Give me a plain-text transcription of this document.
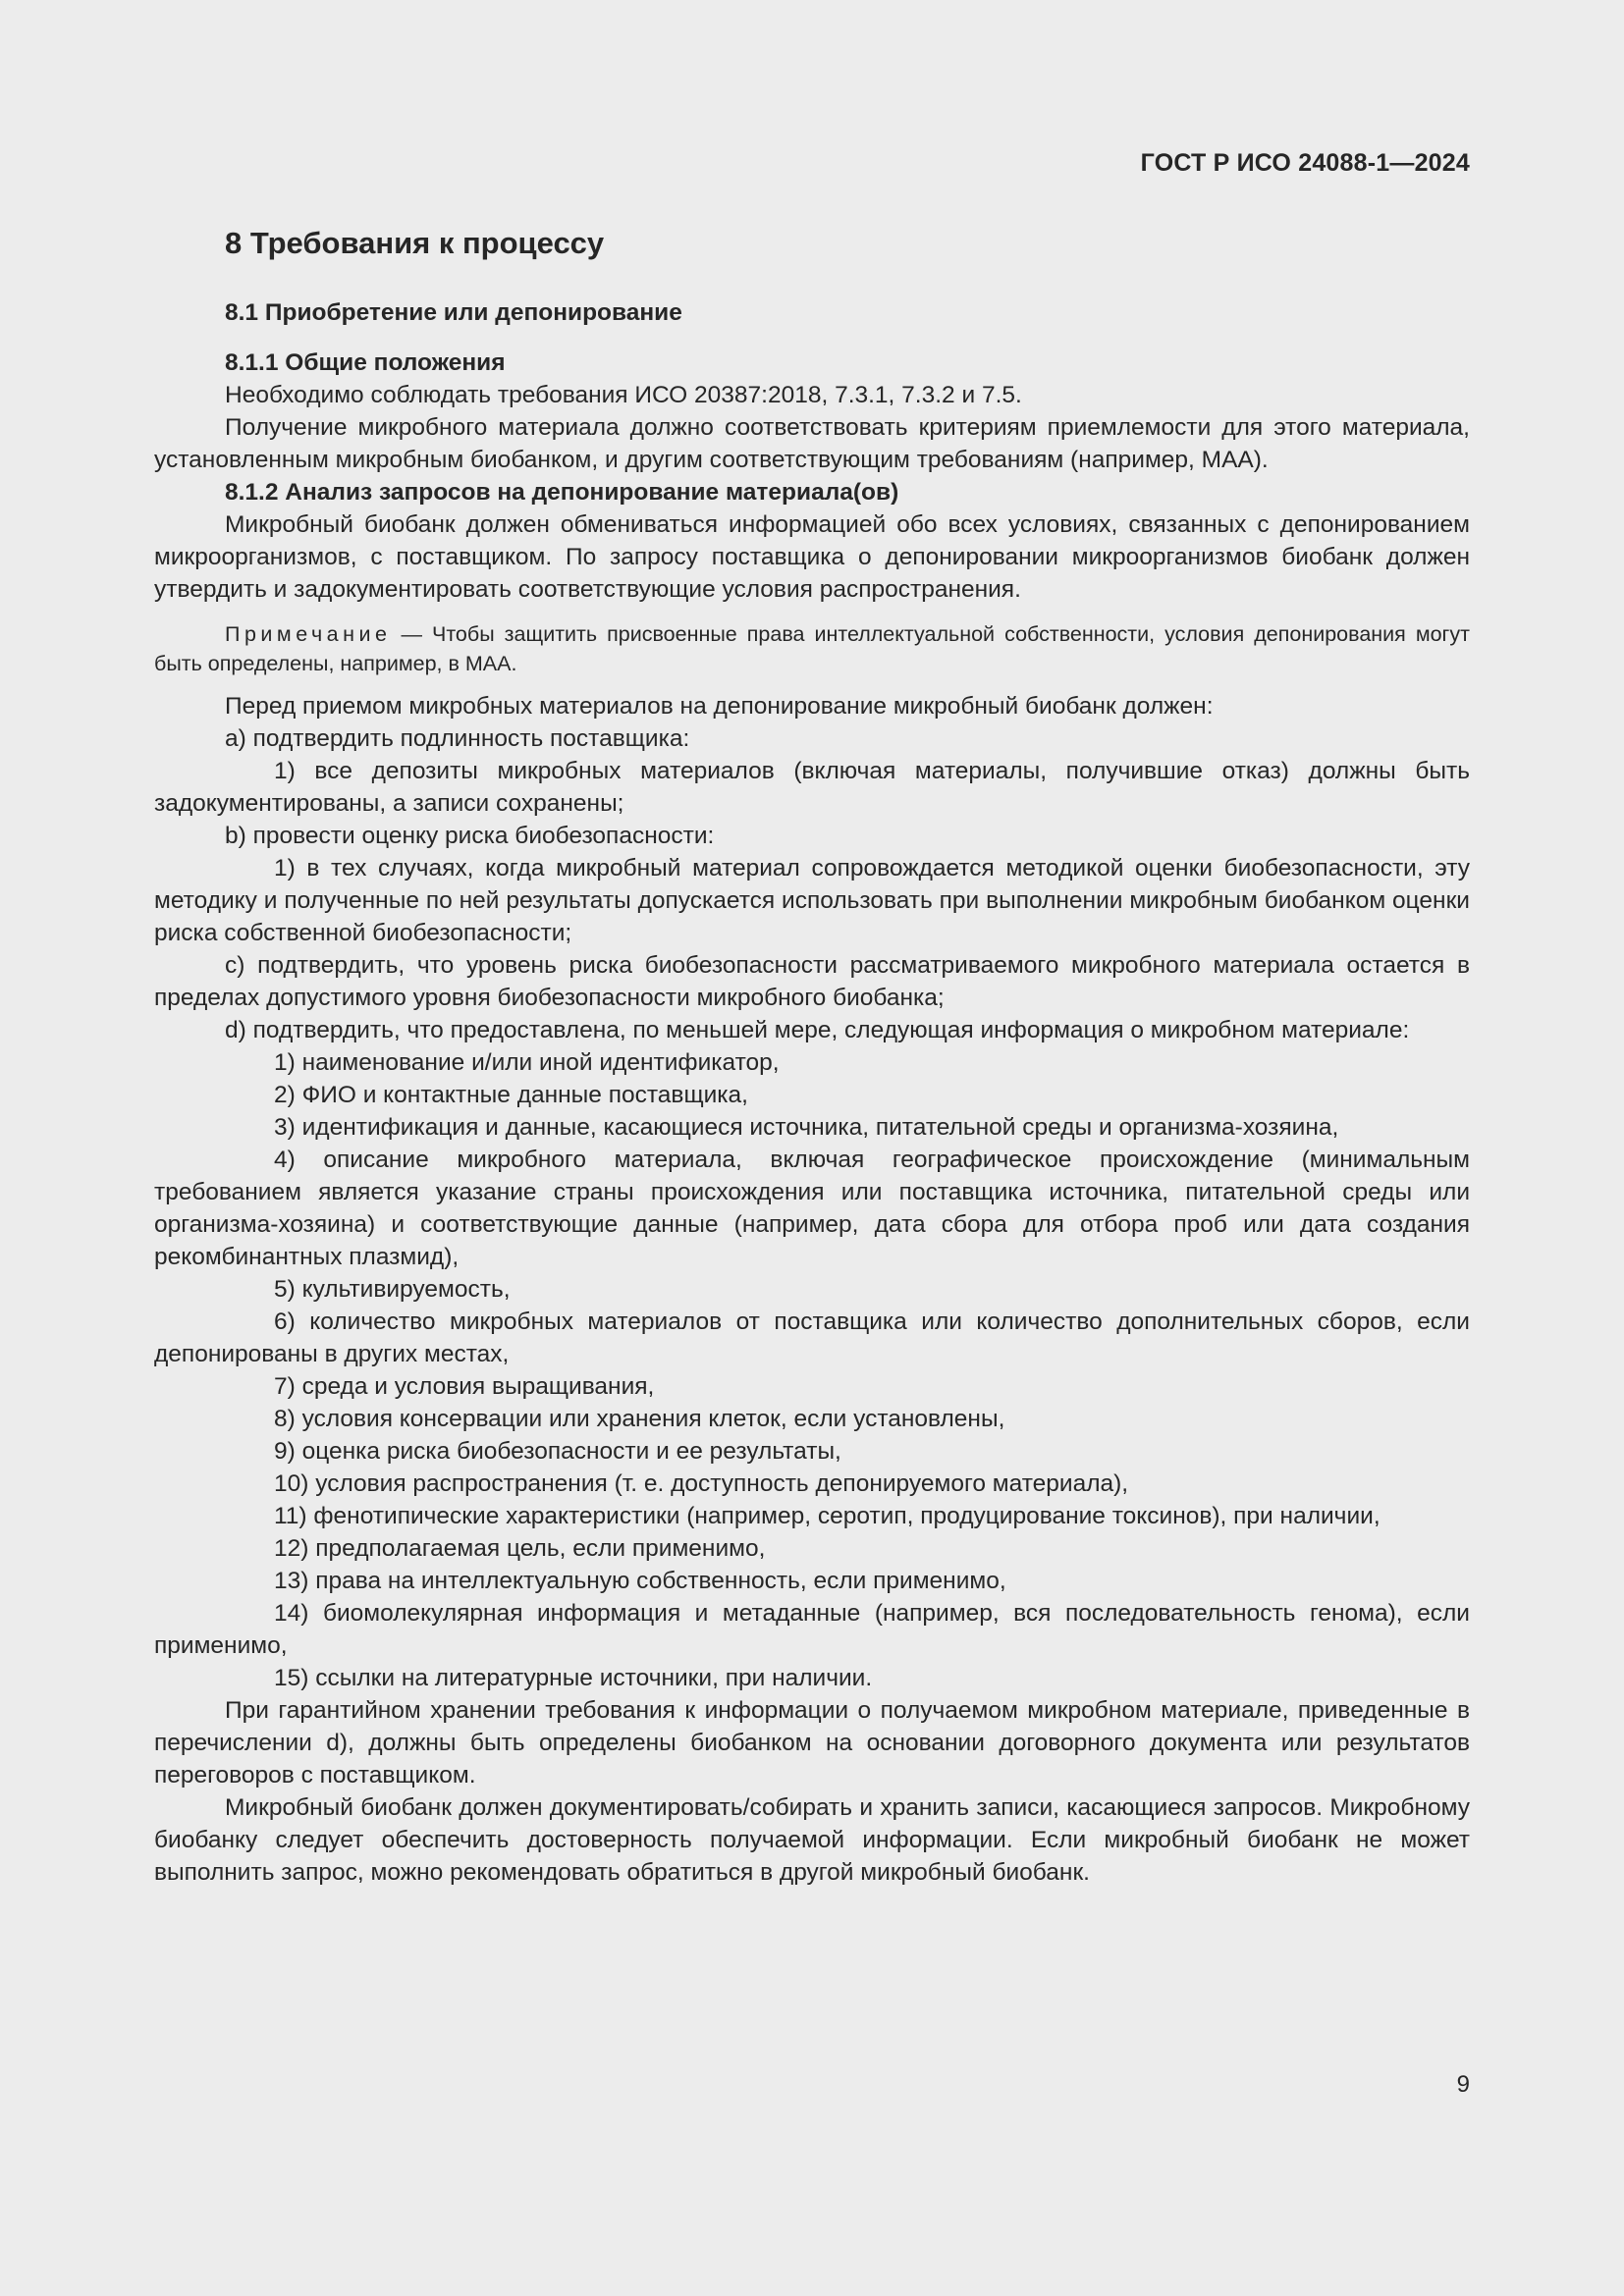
ГОСТ Р ИСО 24088-1—2024
8 Требования к процессу
8.1 Приобретение или депонирование
8.1.1 Общие положения

Необходимо соблюдать требования ИСО 20387:2018, 7.3.1, 7.3.2 и 7.5.

Получение микробного материала должно соответствовать критериям приемлемости для этого материала, установленным микробным биобанком, и другим соответствующим требованиям (например, МАА).

8.1.2 Анализ запросов на депонирование материала(ов)

Микробный биобанк должен обмениваться информацией обо всех условиях, связанных с депонированием микроорганизмов, с поставщиком. По запросу поставщика о депонировании микроорганизмов биобанк должен утвердить и задокументировать соответствующие условия распространения.

Примечание — Чтобы защитить присвоенные права интеллектуальной собственности, условия депонирования могут быть определены, например, в МАА.

Перед приемом микробных материалов на депонирование микробный биобанк должен:

а) подтвердить подлинность поставщика:

1) все депозиты микробных материалов (включая материалы, получившие отказ) должны быть задокументированы, а записи сохранены;

b) провести оценку риска биобезопасности:

1) в тех случаях, когда микробный материал сопровождается методикой оценки биобезопасности, эту методику и полученные по ней результаты допускается использовать при выполнении микробным биобанком оценки риска собственной биобезопасности;

c) подтвердить, что уровень риска биобезопасности рассматриваемого микробного материала остается в пределах допустимого уровня биобезопасности микробного биобанка;

d) подтвердить, что предоставлена, по меньшей мере, следующая информация о микробном материале:

1) наименование и/или иной идентификатор,

2) ФИО и контактные данные поставщика,

3) идентификация и данные, касающиеся источника, питательной среды и организма-хозяина,

4) описание микробного материала, включая географическое происхождение (минимальным требованием является указание страны происхождения или поставщика источника, питательной среды или организма-хозяина) и соответствующие данные (например, дата сбора для отбора проб или дата создания рекомбинантных плазмид),

5) культивируемость,

6) количество микробных материалов от поставщика или количество дополнительных сборов, если депонированы в других местах,

7) среда и условия выращивания,

8) условия консервации или хранения клеток, если установлены,

9) оценка риска биобезопасности и ее результаты,

10) условия распространения (т. е. доступность депонируемого материала),

11) фенотипические характеристики (например, серотип, продуцирование токсинов), при наличии,

12) предполагаемая цель, если применимо,

13) права на интеллектуальную собственность, если применимо,

14) биомолекулярная информация и метаданные (например, вся последовательность генома), если применимо,

15) ссылки на литературные источники, при наличии.

При гарантийном хранении требования к информации о получаемом микробном материале, приведенные в перечислении d), должны быть определены биобанком на основании договорного документа или результатов переговоров с поставщиком.

Микробный биобанк должен документировать/собирать и хранить записи, касающиеся запросов. Микробному биобанку следует обеспечить достоверность получаемой информации. Если микробный биобанк не может выполнить запрос, можно рекомендовать обратиться в другой микробный биобанк.

9
